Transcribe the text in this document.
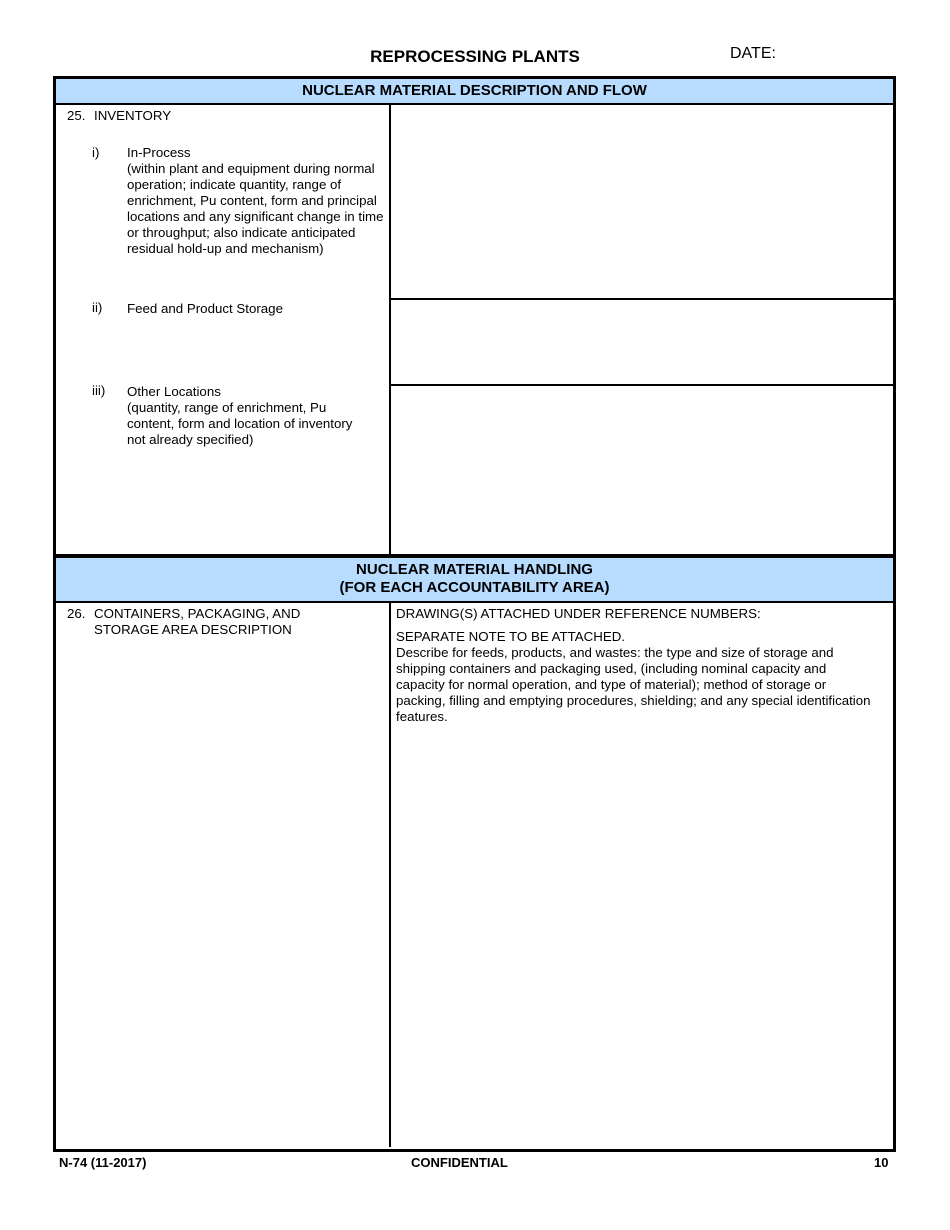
REPROCESSING PLANTS	DATE:
NUCLEAR MATERIAL DESCRIPTION AND FLOW
25. INVENTORY
i) In-Process
(within plant and equipment during normal operation; indicate quantity, range of enrichment, Pu content, form and principal locations and any significant change in time or throughput; also indicate anticipated residual hold-up and mechanism)
ii) Feed and Product Storage
iii) Other Locations
(quantity, range of enrichment, Pu content, form and location of inventory not already specified)
NUCLEAR MATERIAL HANDLING
(FOR EACH ACCOUNTABILITY AREA)
26. CONTAINERS, PACKAGING, AND
STORAGE AREA DESCRIPTION
DRAWING(S) ATTACHED UNDER REFERENCE NUMBERS:
SEPARATE NOTE TO BE ATTACHED.
Describe for feeds, products, and wastes: the type and size of storage and shipping containers and packaging used, (including nominal capacity and capacity for normal operation, and type of material); method of storage or packing, filling and emptying procedures, shielding; and any special identification features.
N-74 (11-2017)	CONFIDENTIAL	10
